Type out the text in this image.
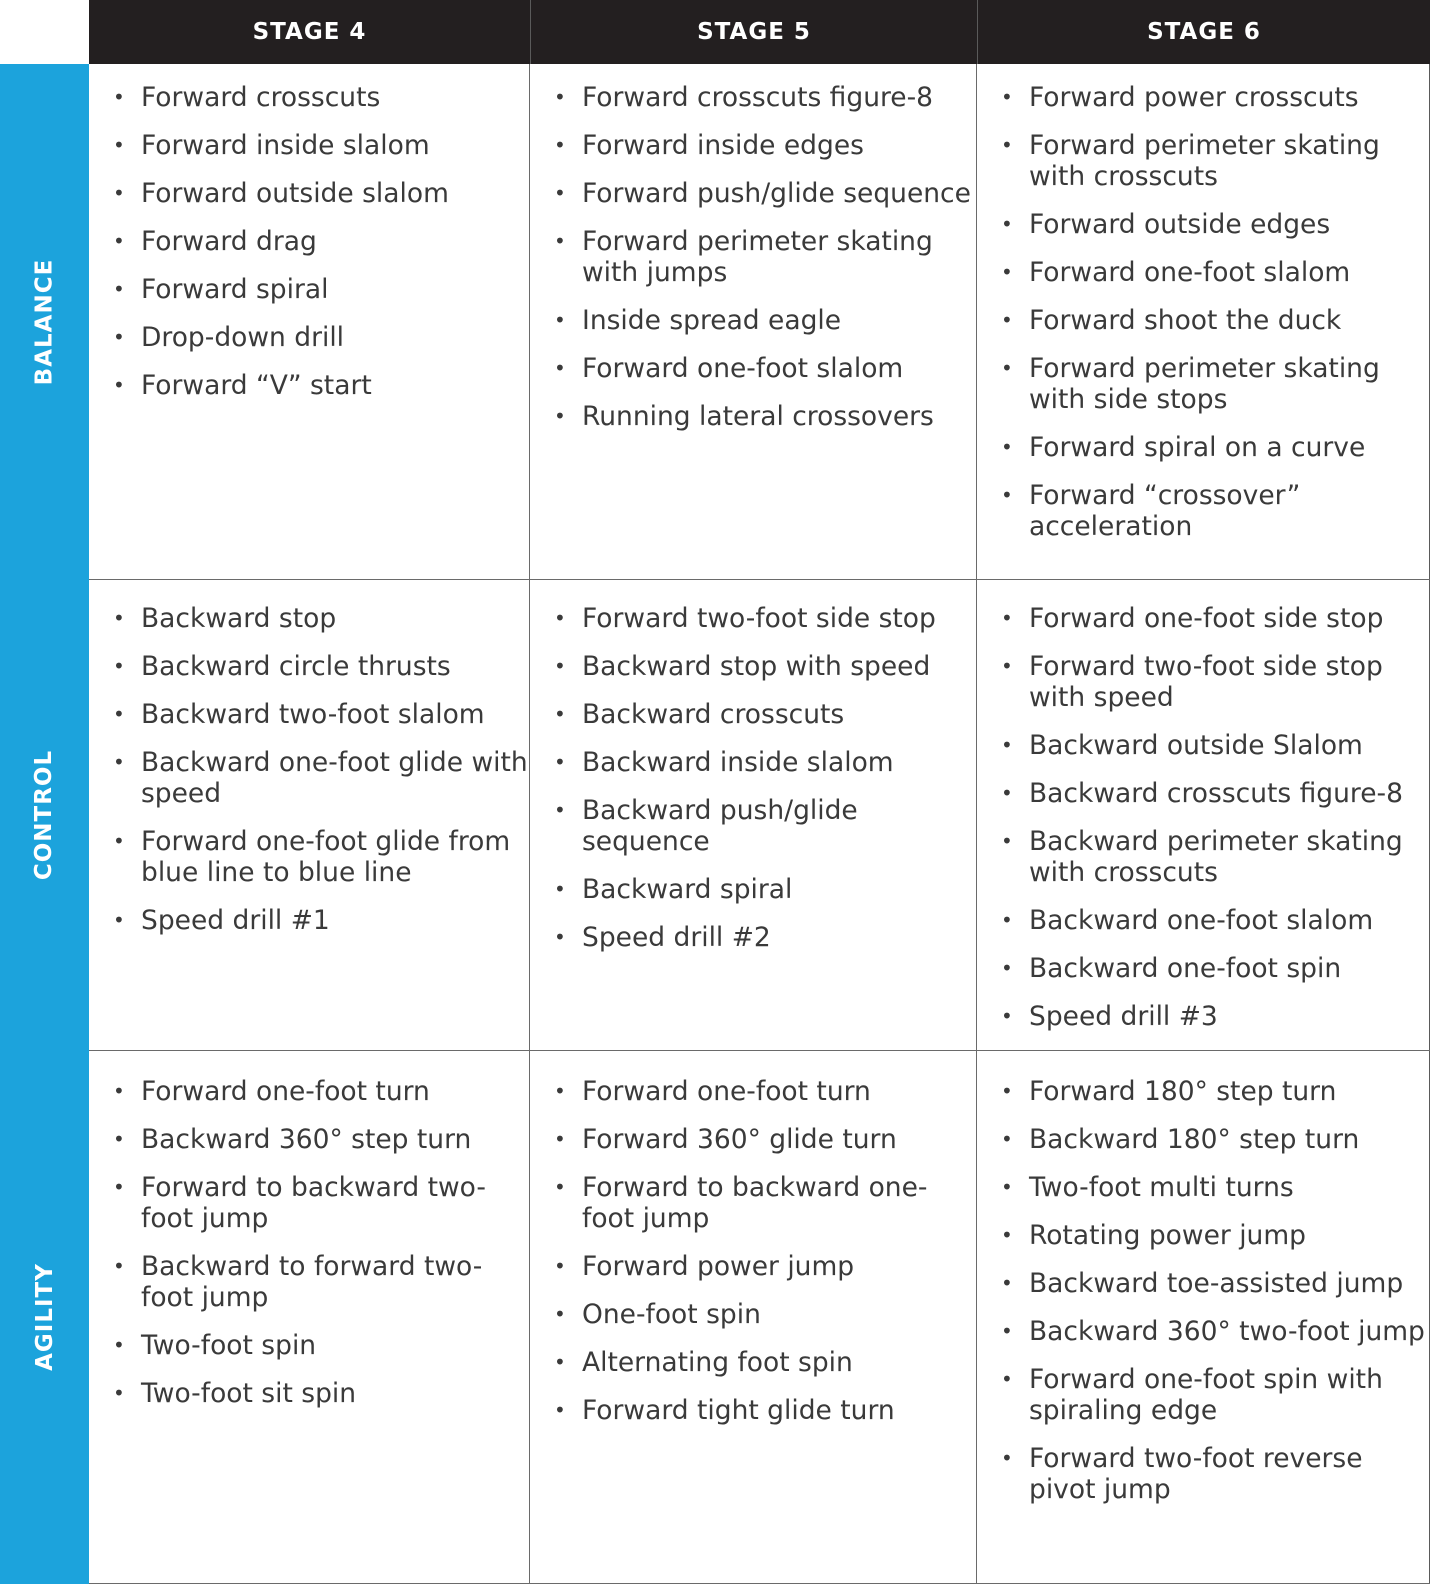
STAGE 4	STAGE 5	STAGE 6
BALANCE
CONTROL
AGILITY
• Forward crosscuts
• Forward inside slalom
• Forward outside slalom
• Forward drag
• Forward spiral
• Drop-down drill
• Forward “V” start
• Forward crosscuts figure-8
• Forward inside edges
• Forward push/glide sequence
• Forward perimeter skating with jumps
• Inside spread eagle
• Forward one-foot slalom
• Running lateral crossovers
• Forward power crosscuts
• Forward perimeter skating with crosscuts
• Forward outside edges
• Forward one-foot slalom
• Forward shoot the duck
• Forward perimeter skating with side stops
• Forward spiral on a curve
• Forward “crossover” acceleration
• Backward stop
• Backward circle thrusts
• Backward two-foot slalom
• Backward one-foot glide with speed
• Forward one-foot glide from blue line to blue line
• Speed drill #1
• Forward two-foot side stop
• Backward stop with speed
• Backward crosscuts
• Backward inside slalom
• Backward push/glide sequence
• Backward spiral
• Speed drill #2
• Forward one-foot side stop
• Forward two-foot side stop with speed
• Backward outside Slalom
• Backward crosscuts figure-8
• Backward perimeter skating with crosscuts
• Backward one-foot slalom
• Backward one-foot spin
• Speed drill #3
• Forward one-foot turn
• Backward 360° step turn
• Forward to backward two-foot jump
• Backward to forward two-foot jump
• Two-foot spin
• Two-foot sit spin
• Forward one-foot turn
• Forward 360° glide turn
• Forward to backward one-foot jump
• Forward power jump
• One-foot spin
• Alternating foot spin
• Forward tight glide turn
• Forward 180° step turn
• Backward 180° step turn
• Two-foot multi turns
• Rotating power jump
• Backward toe-assisted jump
• Backward 360° two-foot jump
• Forward one-foot spin with spiraling edge
• Forward two-foot reverse pivot jump
